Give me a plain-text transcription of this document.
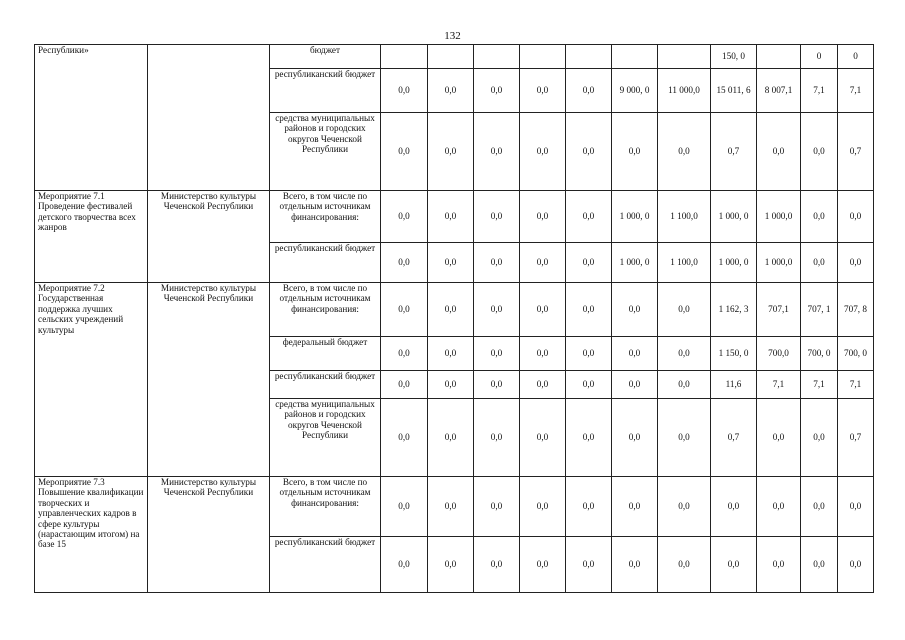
132
Республики»		бюджет								150, 0		0	0
		республиканский бюджет	0,0	0,0	0,0	0,0	0,0	9 000, 0	11 000,0	15 011, 6	8 007,1	7,1	7,1
		средства муниципальных районов и городских округов Чеченской Республики	0,0	0,0	0,0	0,0	0,0	0,0	0,0	0,7	0,0	0,0	0,7
Мероприятие 7.1 Проведение фестивалей детского творчества всех жанров	Министерство культуры Чеченской Республики	Всего, в том числе по отдельным источникам финансирования:	0,0	0,0	0,0	0,0	0,0	1 000, 0	1 100,0	1 000, 0	1 000,0	0,0	0,0
		республиканский бюджет	0,0	0,0	0,0	0,0	0,0	1 000, 0	1 100,0	1 000, 0	1 000,0	0,0	0,0
Мероприятие 7.2 Государственная поддержка лучших сельских учреждений культуры	Министерство культуры Чеченской Республики	Всего, в том числе по отдельным источникам финансирования:	0,0	0,0	0,0	0,0	0,0	0,0	0,0	1 162, 3	707,1	707, 1	707, 8
		федеральный бюджет	0,0	0,0	0,0	0,0	0,0	0,0	0,0	1 150, 0	700,0	700, 0	700, 0
		республиканский бюджет	0,0	0,0	0,0	0,0	0,0	0,0	0,0	11,6	7,1	7,1	7,1
		средства муниципальных районов и городских округов Чеченской Республики	0,0	0,0	0,0	0,0	0,0	0,0	0,0	0,7	0,0	0,0	0,7
Мероприятие 7.3 Повышение квалификации творческих и управленческих кадров в сфере культуры (нарастающим итогом) на базе 15	Министерство культуры Чеченской Республики	Всего, в том числе по отдельным источникам финансирования:	0,0	0,0	0,0	0,0	0,0	0,0	0,0	0,0	0,0	0,0	0,0
		республиканский бюджет	0,0	0,0	0,0	0,0	0,0	0,0	0,0	0,0	0,0	0,0	0,0
